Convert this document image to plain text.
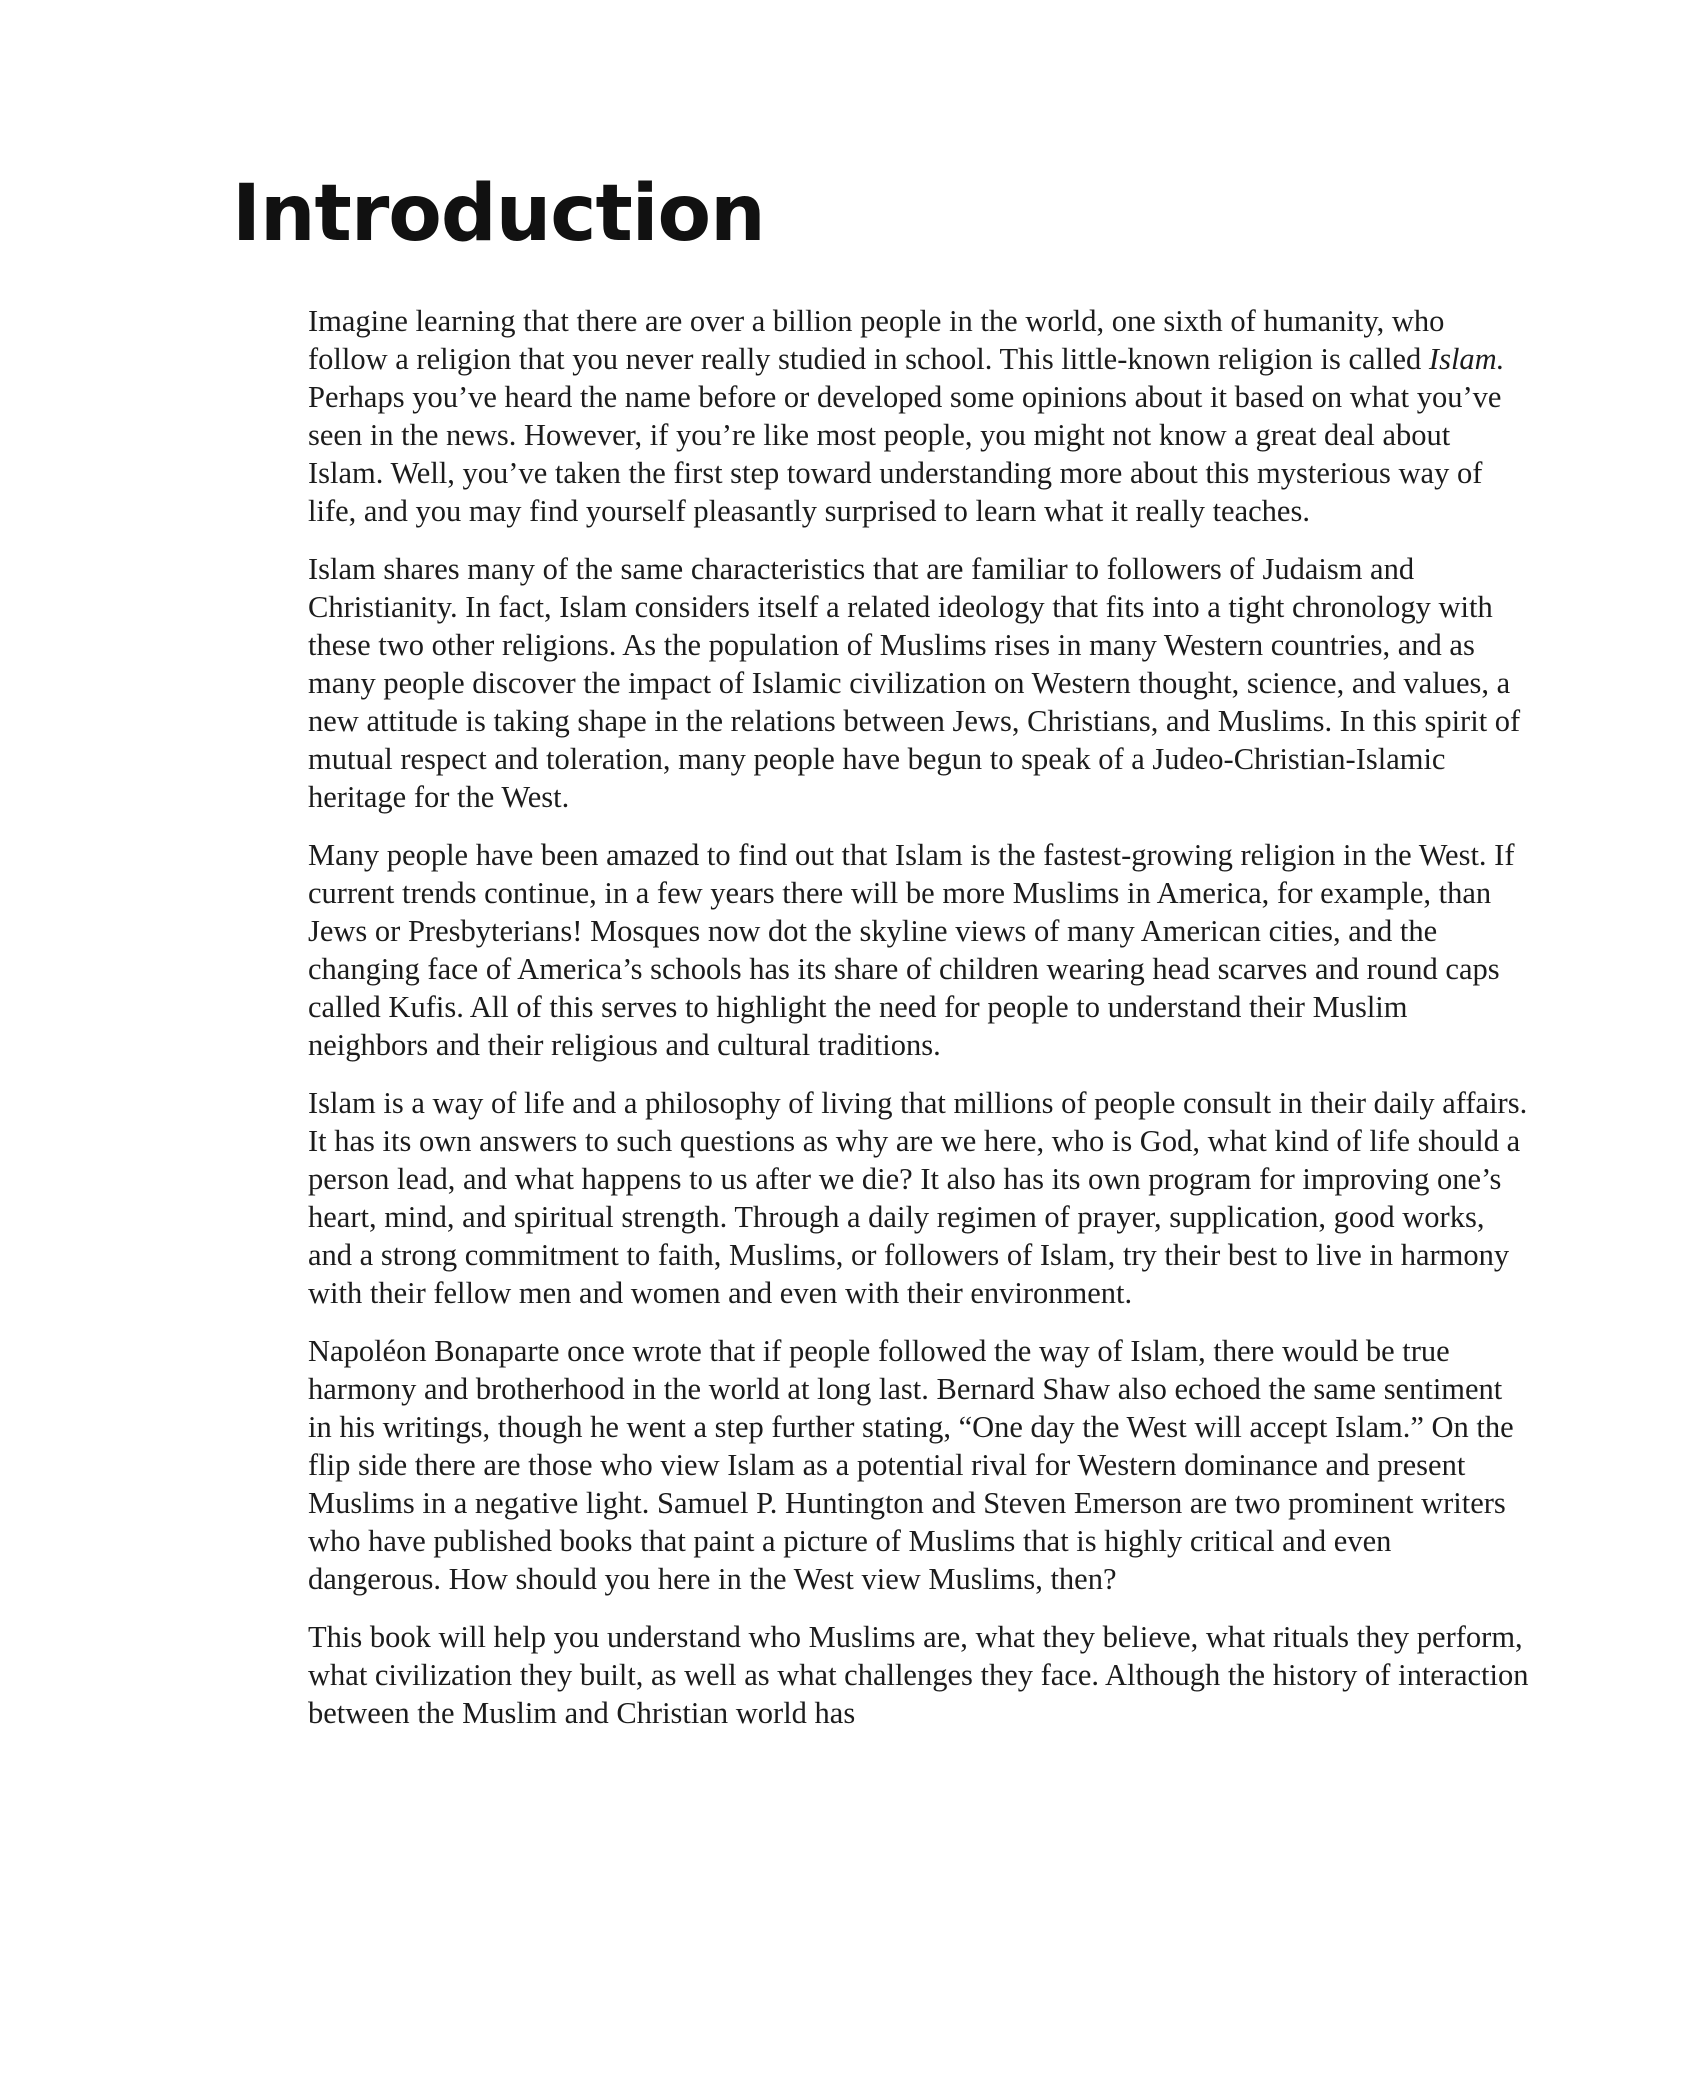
Introduction

Imagine learning that there are over a billion people in the world, one sixth of humanity, who follow a religion that you never really studied in school. This little-known religion is called Islam. Perhaps you’ve heard the name before or developed some opinions about it based on what you’ve seen in the news. However, if you’re like most people, you might not know a great deal about Islam. Well, you’ve taken the first step toward understanding more about this mysterious way of life, and you may find yourself pleasantly surprised to learn what it really teaches.

Islam shares many of the same characteristics that are familiar to followers of Judaism and Christianity. In fact, Islam considers itself a related ideology that fits into a tight chronology with these two other religions. As the population of Muslims rises in many Western countries, and as many people discover the impact of Islamic civilization on Western thought, science, and values, a new attitude is taking shape in the relations between Jews, Christians, and Muslims. In this spirit of mutual respect and toleration, many people have begun to speak of a Judeo-Christian-Islamic heritage for the West.

Many people have been amazed to find out that Islam is the fastest-growing religion in the West. If current trends continue, in a few years there will be more Muslims in America, for example, than Jews or Presbyterians! Mosques now dot the skyline views of many American cities, and the changing face of America’s schools has its share of children wearing head scarves and round caps called Kufis. All of this serves to highlight the need for people to understand their Muslim neighbors and their religious and cultural traditions.

Islam is a way of life and a philosophy of living that millions of people consult in their daily affairs. It has its own answers to such questions as why are we here, who is God, what kind of life should a person lead, and what happens to us after we die? It also has its own program for improving one’s heart, mind, and spiritual strength. Through a daily regimen of prayer, supplication, good works, and a strong commitment to faith, Muslims, or followers of Islam, try their best to live in harmony with their fellow men and women and even with their environment.

Napoléon Bonaparte once wrote that if people followed the way of Islam, there would be true harmony and brotherhood in the world at long last. Bernard Shaw also echoed the same sentiment in his writings, though he went a step further stating, “One day the West will accept Islam.” On the flip side there are those who view Islam as a potential rival for Western dominance and present Muslims in a negative light. Samuel P. Huntington and Steven Emerson are two prominent writers who have published books that paint a picture of Muslims that is highly critical and even dangerous. How should you here in the West view Muslims, then?

This book will help you understand who Muslims are, what they believe, what rituals they perform, what civilization they built, as well as what challenges they face. Although the history of interaction between the Muslim and Christian world has
